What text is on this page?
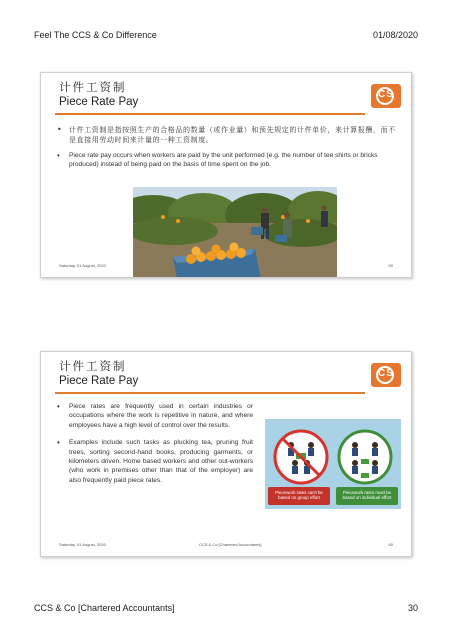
Feel The CCS & Co Difference	01/08/2020
计件工资制
Piece Rate Pay
CS
• 计件工资制是指按照生产的合格品的数量（或作业量）和预先规定的计件单价，来计算报酬，而不是直接用劳动时间来计量的一种工资制度。
• Piece rate pay occurs when workers are paid by the unit performed (e.g. the number of tee shirts or bricks produced) instead of being paid on the basis of time spent on the job.
Saturday, 01 August, 2020	59
计件工资制
Piece Rate Pay
CS
• Piece rates are frequently used in certain industries or occupations where the work is repetitive in nature, and where employees have a high level of control over the results.
• Examples include such tasks as plucking tea, pruning fruit trees, sorting second-hand books, producing garments, or kilometers driven. Home based workers and other out-workers (who work in premises other than that of the employer) are also frequently paid piece rates.
Piecework rates can't be based on group effort
Piecework rates must be based on individual effort
Saturday, 01 August, 2020	CCS & Co [Chartered Accountants]	60
CCS & Co [Chartered Accountants]	30
